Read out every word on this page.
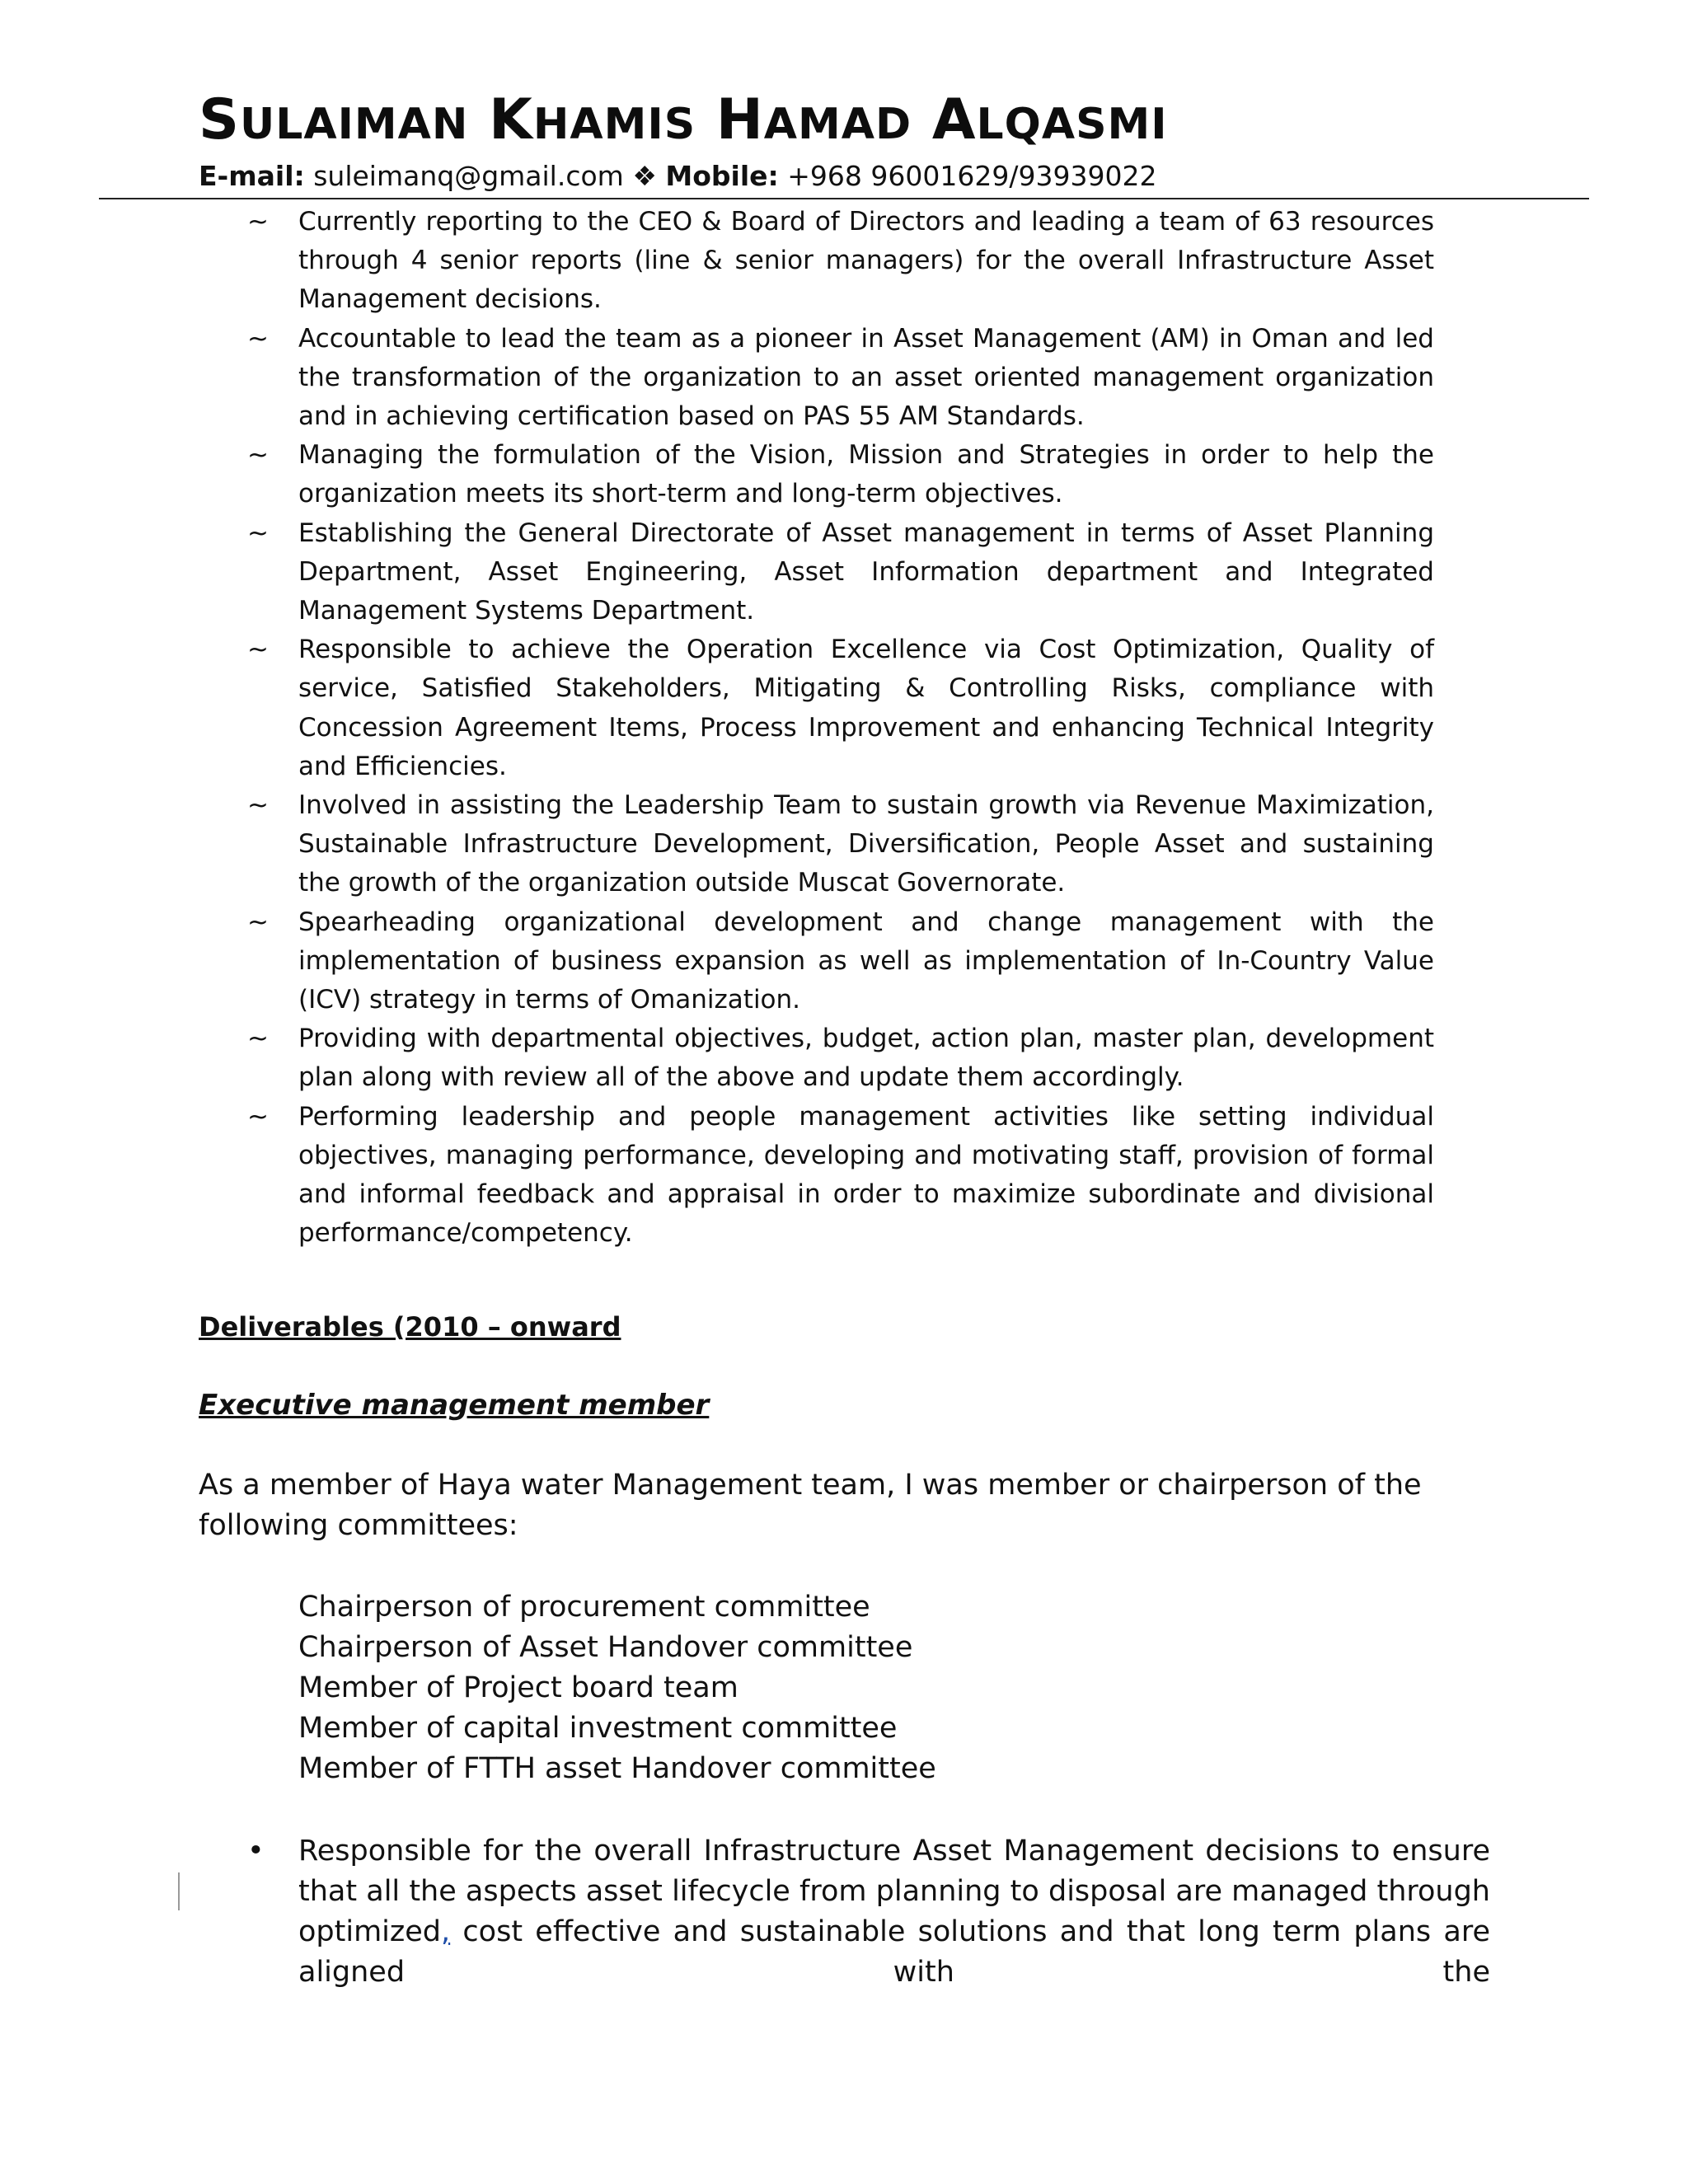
SULAIMAN KHAMIS HAMAD ALQASMI
E-mail: suleimanq@gmail.com ❖ Mobile: +968 96001629/93939022
~ Currently reporting to the CEO & Board of Directors and leading a team of 63 resources through 4 senior reports (line & senior managers) for the overall Infrastructure Asset Management decisions.
~ Accountable to lead the team as a pioneer in Asset Management (AM) in Oman and led the transformation of the organization to an asset oriented management organization and in achieving certification based on PAS 55 AM Standards.
~ Managing the formulation of the Vision, Mission and Strategies in order to help the organization meets its short-term and long-term objectives.
~ Establishing the General Directorate of Asset management in terms of Asset Planning Department, Asset Engineering, Asset Information department and Integrated Management Systems Department.
~ Responsible to achieve the Operation Excellence via Cost Optimization, Quality of service, Satisfied Stakeholders, Mitigating & Controlling Risks, compliance with Concession Agreement Items, Process Improvement and enhancing Technical Integrity and Efficiencies.
~ Involved in assisting the Leadership Team to sustain growth via Revenue Maximization, Sustainable Infrastructure Development, Diversification, People Asset and sustaining the growth of the organization outside Muscat Governorate.
~ Spearheading organizational development and change management with the implementation of business expansion as well as implementation of In-Country Value (ICV) strategy in terms of Omanization.
~ Providing with departmental objectives, budget, action plan, master plan, development plan along with review all of the above and update them accordingly.
~ Performing leadership and people management activities like setting individual objectives, managing performance, developing and motivating staff, provision of formal and informal feedback and appraisal in order to maximize subordinate and divisional performance/competency.
Deliverables (2010 – onward
Executive management member
As a member of Haya water Management team, I was member or chairperson of the following committees:
Chairperson of procurement committee
Chairperson of Asset Handover committee
Member of Project board team
Member of capital investment committee
Member of FTTH asset Handover committee
• Responsible for the overall Infrastructure Asset Management decisions to ensure that all the aspects asset lifecycle from planning to disposal are managed through optimized, cost effective and sustainable solutions and that long term plans are aligned with the
